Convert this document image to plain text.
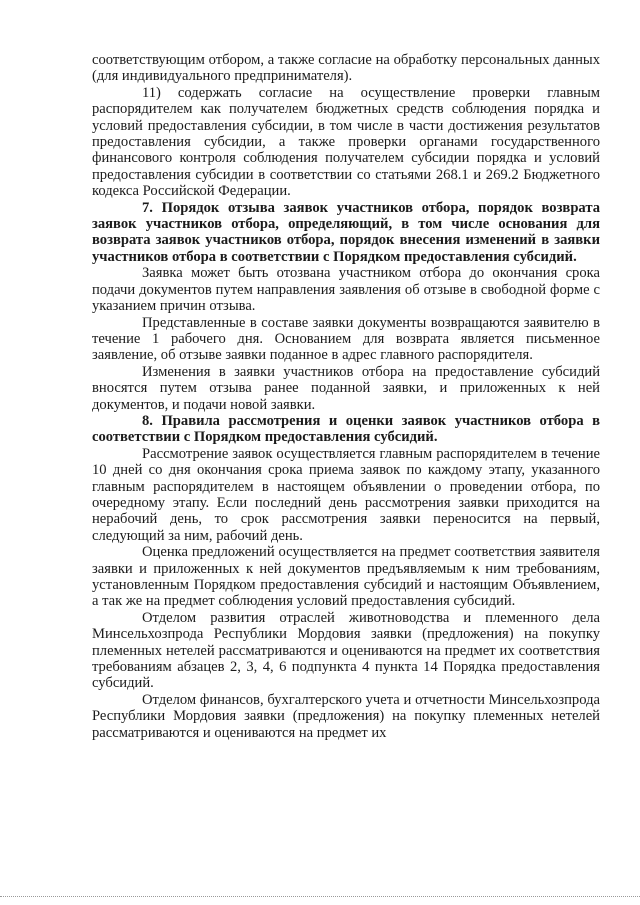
соответствующим отбором, а также согласие на обработку персональных данных (для индивидуального предпринимателя).

11) содержать согласие на осуществление проверки главным распорядителем как получателем бюджетных средств соблюдения порядка и условий предоставления субсидии, в том числе в части достижения результатов предоставления субсидии, а также проверки органами государственного финансового контроля соблюдения получателем субсидии порядка и условий предоставления субсидии в соответствии со статьями 268.1 и 269.2 Бюджетного кодекса Российской Федерации.

7. Порядок отзыва заявок участников отбора, порядок возврата заявок участников отбора, определяющий, в том числе основания для возврата заявок участников отбора, порядок внесения изменений в заявки участников отбора в соответствии с Порядком предоставления субсидий.

Заявка может быть отозвана участником отбора до окончания срока подачи документов путем направления заявления об отзыве в свободной форме с указанием причин отзыва.

Представленные в составе заявки документы возвращаются заявителю в течение 1 рабочего дня. Основанием для возврата является письменное заявление, об отзыве заявки поданное в адрес главного распорядителя.

Изменения в заявки участников отбора на предоставление субсидий вносятся путем отзыва ранее поданной заявки, и приложенных к ней документов, и подачи новой заявки.

8. Правила рассмотрения и оценки заявок участников отбора в соответствии с Порядком предоставления субсидий.

Рассмотрение заявок осуществляется главным распорядителем в течение 10 дней со дня окончания срока приема заявок по каждому этапу, указанного главным распорядителем в настоящем объявлении о проведении отбора, по очередному этапу. Если последний день рассмотрения заявки приходится на нерабочий день, то срок рассмотрения заявки переносится на первый, следующий за ним, рабочий день.

Оценка предложений осуществляется на предмет соответствия заявителя заявки и приложенных к ней документов предъявляемым к ним требованиям, установленным Порядком предоставления субсидий и настоящим Объявлением, а так же на предмет соблюдения условий предоставления субсидий.

Отделом развития отраслей животноводства и племенного дела Минсельхозпрода Республики Мордовия заявки (предложения) на покупку племенных нетелей рассматриваются и оцениваются на предмет их соответствия требованиям абзацев 2, 3, 4, 6 подпункта 4 пункта 14 Порядка предоставления субсидий.

Отделом финансов, бухгалтерского учета и отчетности Минсельхозпрода Республики Мордовия заявки (предложения) на покупку племенных нетелей рассматриваются и оцениваются на предмет их
